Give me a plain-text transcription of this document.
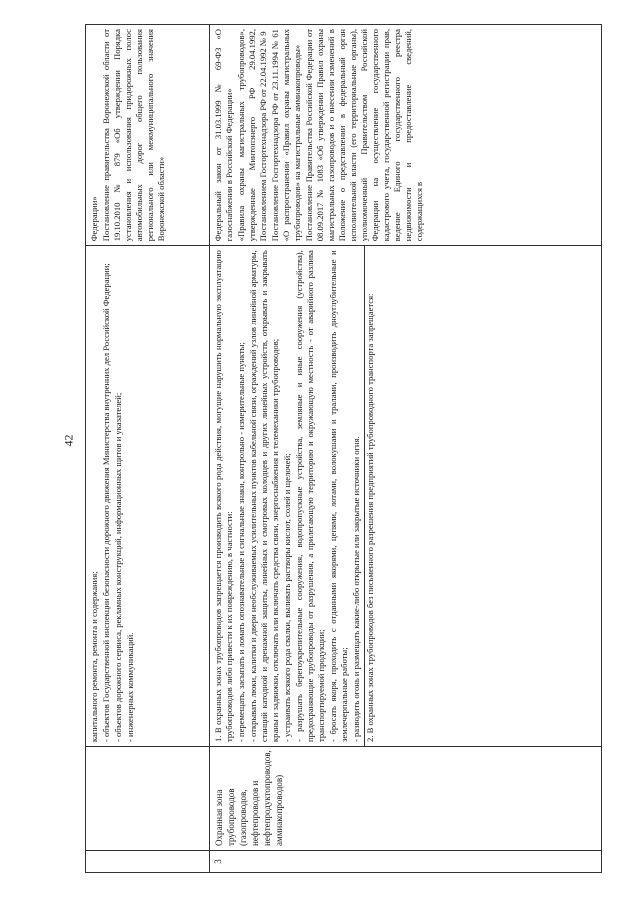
42

капитального ремонта, ремонта и содержания; - объектов Государственной инспекции безопасности дорожного движения Министерства внутренних дел Российской Федерации; - объектов дорожного сервиса, рекламных конструкций, информационных щитов и указателей; - инженерных коммуникаций.

Федерации» Постановление правительства Воронежской области от 19.10.2010 № 879 «Об утверждении Порядка установления и использования придорожных полос автомобильных дорог общего пользования регионального или межмуниципального значения Воронежской области»

3
Охранная зона трубопроводов (газопроводов, нефтепроводов и нефтепродуктопроводов, аммиакопроводов)

1. В охранных зонах трубопроводов запрещается производить всякого рода действия, могущие нарушить нормальную эксплуатацию трубопроводов либо привести к их повреждению, в частности: - перемещать, засыпать и ломать опознавательные и сигнальные знаки, контрольно - измерительные пункты; - открывать люки, калитки и двери необслуживаемых усилительных пунктов кабельной связи, ограждений узлов линейной арматуры, станций катодной и дренажной защиты, линейных и смотровых колодцев и других линейных устройств, открывать и закрывать краны и задвижки, отключать или включать средства связи, энергоснабжения и телемеханики трубопроводов; - устраивать всякого рода свалки, выливать растворы кислот, солей и щелочей; - разрушать берегоукрепительные сооружения, водопропускные устройства, земляные и иные сооружения (устройства), предохраняющие трубопроводы от разрушения, а прилегающую территорию и окружающую местность - от аварийного разлива транспортируемой продукции; - бросать якоря, проходить с отданными якорями, цепями, лотами, волокушами и тралами, производить дноуглубительные и землечерпальные работы; - разводить огонь и размещать какие-либо открытые или закрытые источники огня. 2. В охранных зонах трубопроводов без письменного разрешения предприятий трубопроводного транспорта запрещается:

Федеральный закон от 31.03.1999 № 69-ФЗ «О газоснабжении в Российской Федерации» «Правила охраны магистральных трубопроводов», утвержденные Минтопэнерго РФ 29.04.1992, Постановлением Госгортехнадзора РФ от 22.04.1992 № 9 Постановление Госгортехнадзора РФ от 23.11.1994 № 61 «О распространении «Правил охраны магистральных трубопроводов» на магистральные аммиакопроводы» Постановление Правительства Российской Федерации от 08.09.2017 № 1083 «Об утверждении Правил охраны магистральных газопроводов и о внесении изменений в Положение о представлении в федеральный орган исполнительной власти (его территориальные органы), уполномоченный Правительством Российской Федерации на осуществление государственного кадастрового учета, государственной регистрации прав, ведение Единого государственного реестра недвижимости и предоставление сведений, содержащихся в
